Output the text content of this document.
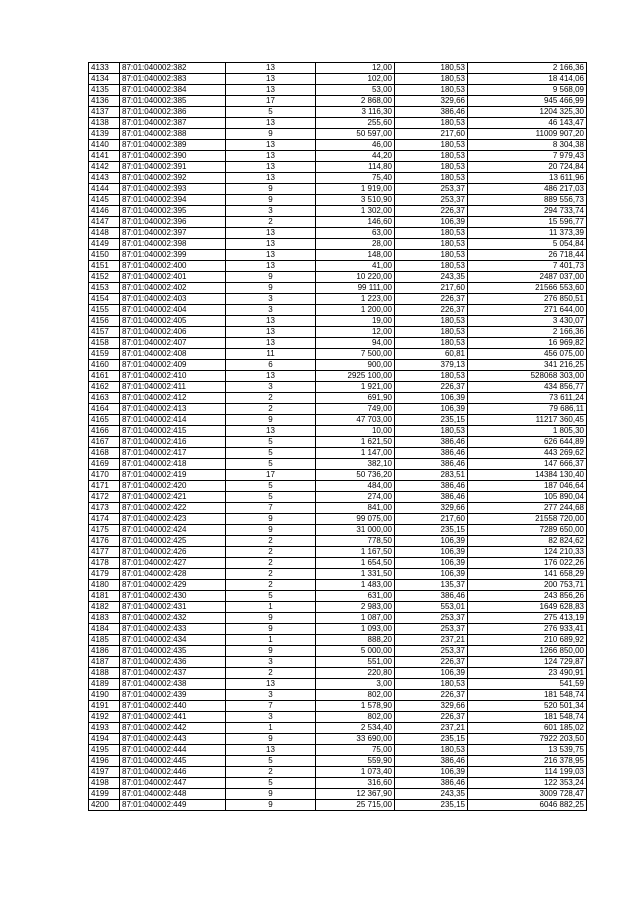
4133	87:01:040002:382	13	12,00	180,53	2 166,36
4134	87:01:040002:383	13	102,00	180,53	18 414,06
4135	87:01:040002:384	13	53,00	180,53	9 568,09
4136	87:01:040002:385	17	2 868,00	329,66	945 466,99
4137	87:01:040002:386	5	3 116,30	386,46	1204 325,30
4138	87:01:040002:387	13	255,60	180,53	46 143,47
4139	87:01:040002:388	9	50 597,00	217,60	11009 907,20
4140	87:01:040002:389	13	46,00	180,53	8 304,38
4141	87:01:040002:390	13	44,20	180,53	7 979,43
4142	87:01:040002:391	13	114,80	180,53	20 724,84
4143	87:01:040002:392	13	75,40	180,53	13 611,96
4144	87:01:040002:393	9	1 919,00	253,37	486 217,03
4145	87:01:040002:394	9	3 510,90	253,37	889 556,73
4146	87:01:040002:395	3	1 302,00	226,37	294 733,74
4147	87:01:040002:396	2	146,60	106,39	15 596,77
4148	87:01:040002:397	13	63,00	180,53	11 373,39
4149	87:01:040002:398	13	28,00	180,53	5 054,84
4150	87:01:040002:399	13	148,00	180,53	26 718,44
4151	87:01:040002:400	13	41,00	180,53	7 401,73
4152	87:01:040002:401	9	10 220,00	243,35	2487 037,00
4153	87:01:040002:402	9	99 111,00	217,60	21566 553,60
4154	87:01:040002:403	3	1 223,00	226,37	276 850,51
4155	87:01:040002:404	3	1 200,00	226,37	271 644,00
4156	87:01:040002:405	13	19,00	180,53	3 430,07
4157	87:01:040002:406	13	12,00	180,53	2 166,36
4158	87:01:040002:407	13	94,00	180,53	16 969,82
4159	87:01:040002:408	11	7 500,00	60,81	456 075,00
4160	87:01:040002:409	6	900,00	379,13	341 216,25
4161	87:01:040002:410	13	2925 100,00	180,53	528068 303,00
4162	87:01:040002:411	3	1 921,00	226,37	434 856,77
4163	87:01:040002:412	2	691,90	106,39	73 611,24
4164	87:01:040002:413	2	749,00	106,39	79 686,11
4165	87:01:040002:414	9	47 703,00	235,15	11217 360,45
4166	87:01:040002:415	13	10,00	180,53	1 805,30
4167	87:01:040002:416	5	1 621,50	386,46	626 644,89
4168	87:01:040002:417	5	1 147,00	386,46	443 269,62
4169	87:01:040002:418	5	382,10	386,46	147 666,37
4170	87:01:040002:419	17	50 736,20	283,51	14384 130,40
4171	87:01:040002:420	5	484,00	386,46	187 046,64
4172	87:01:040002:421	5	274,00	386,46	105 890,04
4173	87:01:040002:422	7	841,00	329,66	277 244,68
4174	87:01:040002:423	9	99 075,00	217,60	21558 720,00
4175	87:01:040002:424	9	31 000,00	235,15	7289 650,00
4176	87:01:040002:425	2	778,50	106,39	82 824,62
4177	87:01:040002:426	2	1 167,50	106,39	124 210,33
4178	87:01:040002:427	2	1 654,50	106,39	176 022,26
4179	87:01:040002:428	2	1 331,50	106,39	141 658,29
4180	87:01:040002:429	2	1 483,00	135,37	200 753,71
4181	87:01:040002:430	5	631,00	386,46	243 856,26
4182	87:01:040002:431	1	2 983,00	553,01	1649 628,83
4183	87:01:040002:432	9	1 087,00	253,37	275 413,19
4184	87:01:040002:433	9	1 093,00	253,37	276 933,41
4185	87:01:040002:434	1	888,20	237,21	210 689,92
4186	87:01:040002:435	9	5 000,00	253,37	1266 850,00
4187	87:01:040002:436	3	551,00	226,37	124 729,87
4188	87:01:040002:437	2	220,80	106,39	23 490,91
4189	87:01:040002:438	13	3,00	180,53	541,59
4190	87:01:040002:439	3	802,00	226,37	181 548,74
4191	87:01:040002:440	7	1 578,90	329,66	520 501,34
4192	87:01:040002:441	3	802,00	226,37	181 548,74
4193	87:01:040002:442	1	2 534,40	237,21	601 185,02
4194	87:01:040002:443	9	33 690,00	235,15	7922 203,50
4195	87:01:040002:444	13	75,00	180,53	13 539,75
4196	87:01:040002:445	5	559,90	386,46	216 378,95
4197	87:01:040002:446	2	1 073,40	106,39	114 199,03
4198	87:01:040002:447	5	316,60	386,46	122 353,24
4199	87:01:040002:448	9	12 367,90	243,35	3009 728,47
4200	87:01:040002:449	9	25 715,00	235,15	6046 882,25
